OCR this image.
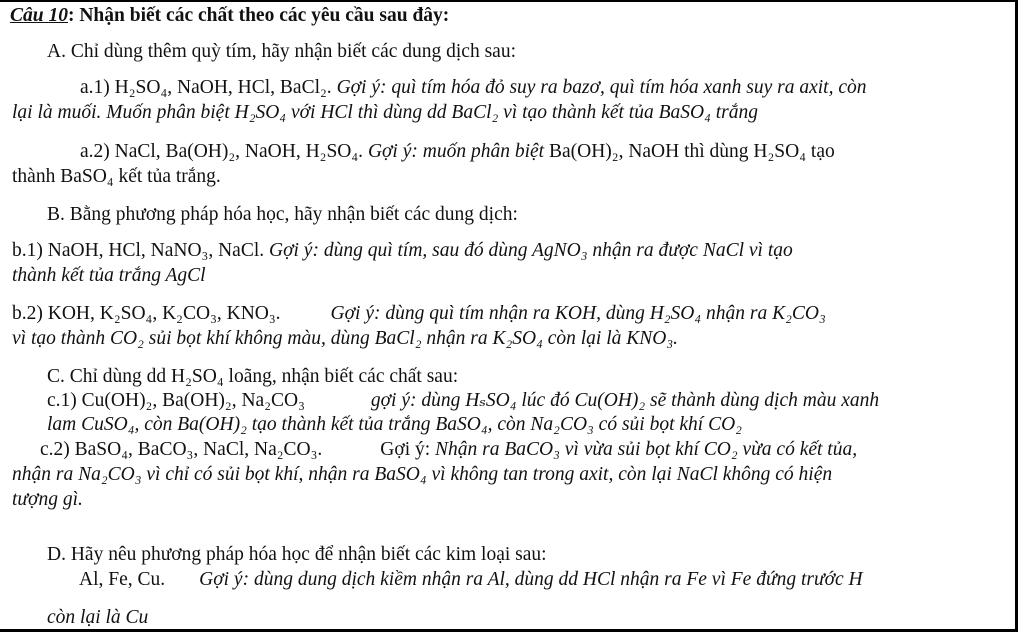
Câu 10: Nhận biết các chất theo các yêu cầu sau đây:
A. Chỉ dùng thêm quỳ tím, hãy nhận biết các dung dịch sau:
a.1) H₂SO₄, NaOH, HCl, BaCl₂. Gợi ý: quì tím hóa đỏ suy ra bazơ, quì tím hóa xanh suy ra axit, còn
lại là muối. Muốn phân biệt H₂SO₄ với HCl thì dùng dd BaCl₂ vì tạo thành kết tủa BaSO₄ trắng
a.2) NaCl, Ba(OH)₂, NaOH, H₂SO₄. Gợi ý: muốn phân biệt Ba(OH)₂, NaOH thì dùng H₂SO₄ tạo
thành BaSO₄ kết tủa trắng.
B. Bằng phương pháp hóa học, hãy nhận biết các dung dịch:
b.1) NaOH, HCl, NaNO₃, NaCl. Gợi ý: dùng quì tím, sau đó dùng AgNO₃ nhận ra được NaCl vì tạo
thành kết tủa trắng AgCl
b.2) KOH, K₂SO₄, K₂CO₃, KNO₃.	Gợi ý: dùng quì tím nhận ra KOH, dùng H₂SO₄ nhận ra K₂CO₃
vì tạo thành CO₂ sủi bọt khí không màu, dùng BaCl₂ nhận ra K₂SO₄ còn lại là KNO₃.
C. Chỉ dùng dd H₂SO₄ loãng, nhận biết các chất sau:
c.1) Cu(OH)₂, Ba(OH)₂, Na₂CO₃	gợi ý: dùng HₛSO₄ lúc đó Cu(OH)₂ sẽ thành dùng dịch màu xanh
lam CuSO₄, còn Ba(OH)₂ tạo thành kết tủa trắng BaSO₄, còn Na₂CO₃ có sủi bọt khí CO₂
c.2) BaSO₄, BaCO₃, NaCl, Na₂CO₃.	Gợi ý: Nhận ra BaCO₃ vì vừa sủi bọt khí CO₂ vừa có kết tủa,
nhận ra Na₂CO₃ vì chỉ có sủi bọt khí, nhận ra BaSO₄ vì không tan trong axit, còn lại NaCl không có hiện
tượng gì.
D. Hãy nêu phương pháp hóa học để nhận biết các kim loại sau:
Al, Fe, Cu. Gợi ý: dùng dung dịch kiềm nhận ra Al, dùng dd HCl nhận ra Fe vì Fe đứng trước H
còn lại là Cu
